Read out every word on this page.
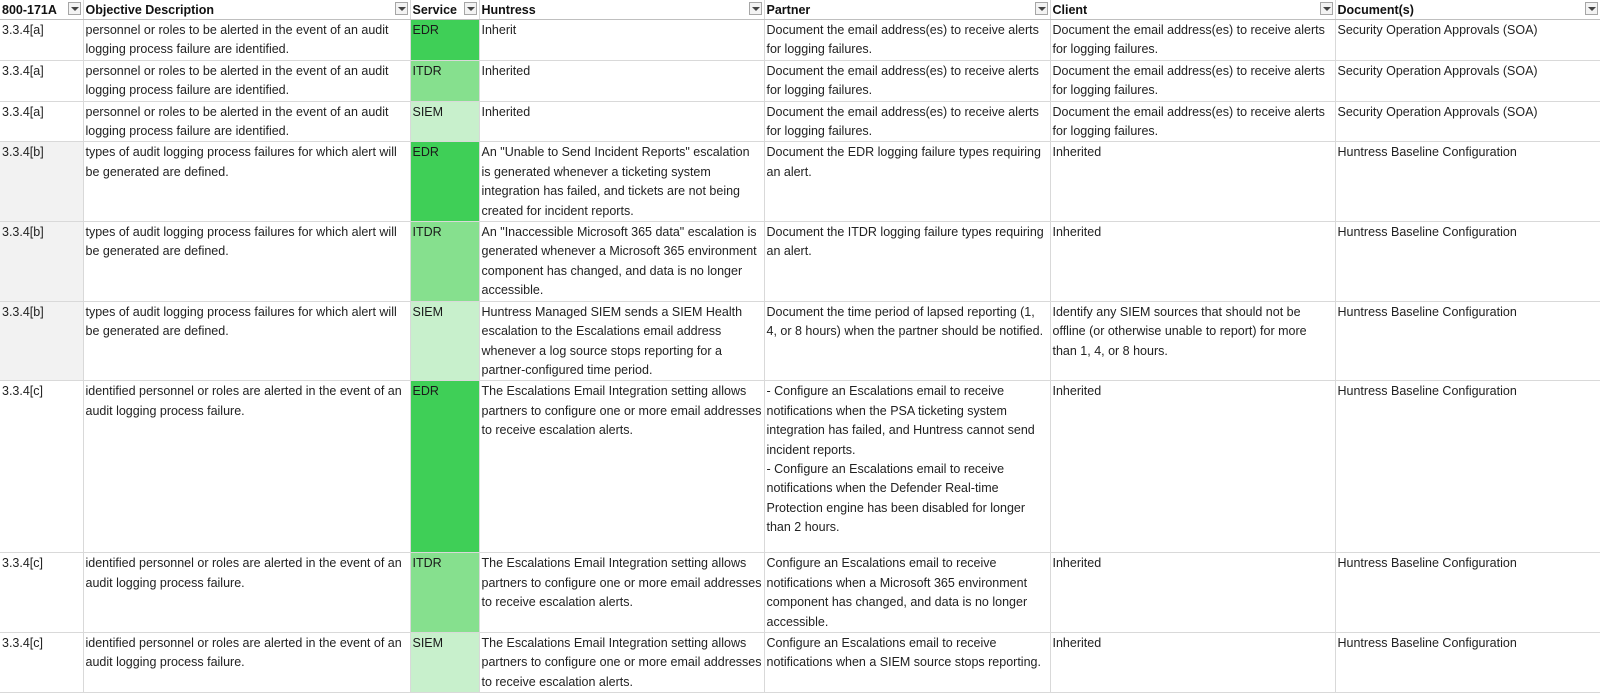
800-171A	Objective Description	Service	Huntress	Partner	Client	Document(s)

3.3.4[a]	personnel or roles to be alerted in the event of an audit logging process failure are identified.	EDR	Inherit	Document the email address(es) to receive alerts for logging failures.	Document the email address(es) to receive alerts for logging failures.	Security Operation Approvals (SOA)
3.3.4[a]	personnel or roles to be alerted in the event of an audit logging process failure are identified.	ITDR	Inherited	Document the email address(es) to receive alerts for logging failures.	Document the email address(es) to receive alerts for logging failures.	Security Operation Approvals (SOA)
3.3.4[a]	personnel or roles to be alerted in the event of an audit logging process failure are identified.	SIEM	Inherited	Document the email address(es) to receive alerts for logging failures.	Document the email address(es) to receive alerts for logging failures.	Security Operation Approvals (SOA)
3.3.4[b]	types of audit logging process failures for which alert will be generated are defined.	EDR	An "Unable to Send Incident Reports" escalation is generated whenever a ticketing system integration has failed, and tickets are not being created for incident reports.	Document the EDR logging failure types requiring an alert.	Inherited	Huntress Baseline Configuration
3.3.4[b]	types of audit logging process failures for which alert will be generated are defined.	ITDR	An "Inaccessible Microsoft 365 data" escalation is generated whenever a Microsoft 365 environment component has changed, and data is no longer accessible.	Document the ITDR logging failure types requiring an alert.	Inherited	Huntress Baseline Configuration
3.3.4[b]	types of audit logging process failures for which alert will be generated are defined.	SIEM	Huntress Managed SIEM sends a SIEM Health escalation to the Escalations email address whenever a log source stops reporting for a partner-configured time period.	Document the time period of lapsed reporting (1, 4, or 8 hours) when the partner should be notified.	Identify any SIEM sources that should not be offline (or otherwise unable to report) for more than 1, 4, or 8 hours.	Huntress Baseline Configuration
3.3.4[c]	identified personnel or roles are alerted in the event of an audit logging process failure.	EDR	The Escalations Email Integration setting allows partners to configure one or more email addresses to receive escalation alerts.	- Configure an Escalations email to receive notifications when the PSA ticketing system integration has failed, and Huntress cannot send incident reports.
- Configure an Escalations email to receive notifications when the Defender Real-time Protection engine has been disabled for longer than 2 hours.	Inherited	Huntress Baseline Configuration
3.3.4[c]	identified personnel or roles are alerted in the event of an audit logging process failure.	ITDR	The Escalations Email Integration setting allows partners to configure one or more email addresses to receive escalation alerts.	Configure an Escalations email to receive notifications when a Microsoft 365 environment component has changed, and data is no longer accessible.	Inherited	Huntress Baseline Configuration
3.3.4[c]	identified personnel or roles are alerted in the event of an audit logging process failure.	SIEM	The Escalations Email Integration setting allows partners to configure one or more email addresses to receive escalation alerts.	Configure an Escalations email to receive notifications when a SIEM source stops reporting.	Inherited	Huntress Baseline Configuration
